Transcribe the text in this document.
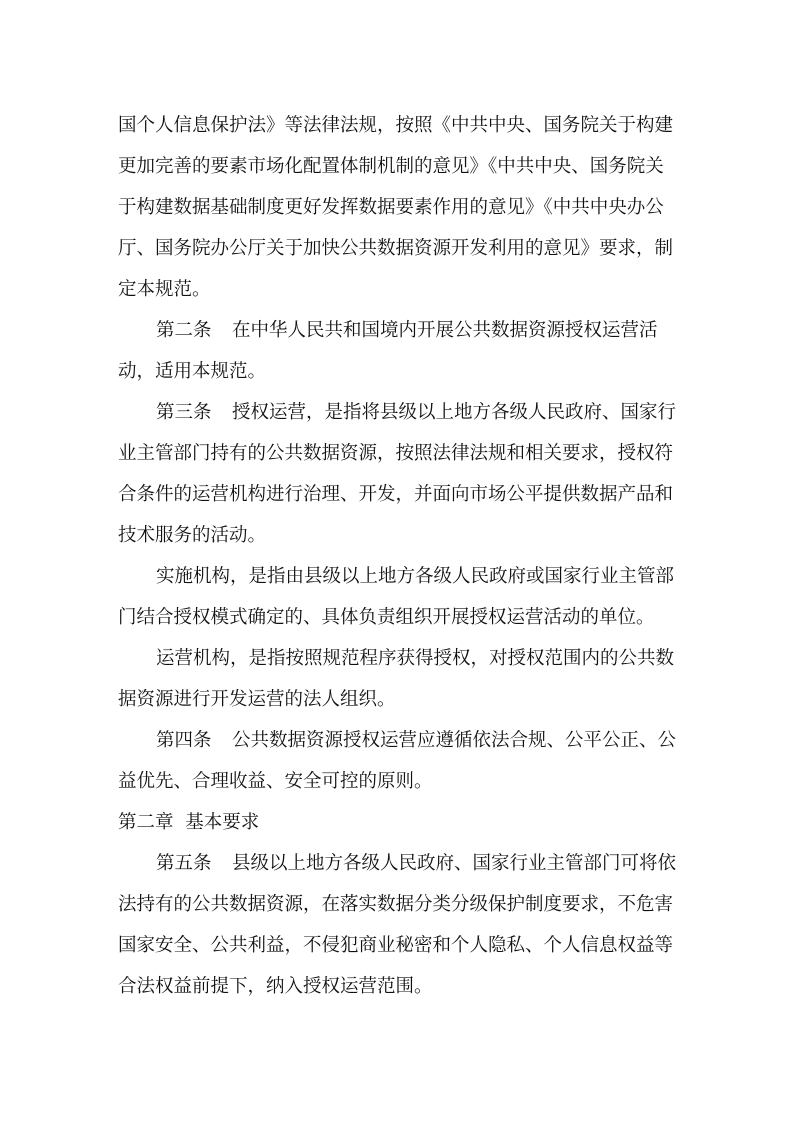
国个人信息保护法》等法律法规，按照《中共中央、国务院关于构建
更加完善的要素市场化配置体制机制的意见》《中共中央、国务院关
于构建数据基础制度更好发挥数据要素作用的意见》《中共中央办公
厅、国务院办公厅关于加快公共数据资源开发利用的意见》要求，制
定本规范。
第二条 在中华人民共和国境内开展公共数据资源授权运营活
动，适用本规范。
第三条 授权运营，是指将县级以上地方各级人民政府、国家行
业主管部门持有的公共数据资源，按照法律法规和相关要求，授权符
合条件的运营机构进行治理、开发，并面向市场公平提供数据产品和
技术服务的活动。
实施机构，是指由县级以上地方各级人民政府或国家行业主管部
门结合授权模式确定的、具体负责组织开展授权运营活动的单位。
运营机构，是指按照规范程序获得授权，对授权范围内的公共数
据资源进行开发运营的法人组织。
第四条 公共数据资源授权运营应遵循依法合规、公平公正、公
益优先、合理收益、安全可控的原则。
第二章  基本要求
第五条 县级以上地方各级人民政府、国家行业主管部门可将依
法持有的公共数据资源，在落实数据分类分级保护制度要求，不危害
国家安全、公共利益，不侵犯商业秘密和个人隐私、个人信息权益等
合法权益前提下，纳入授权运营范围。
